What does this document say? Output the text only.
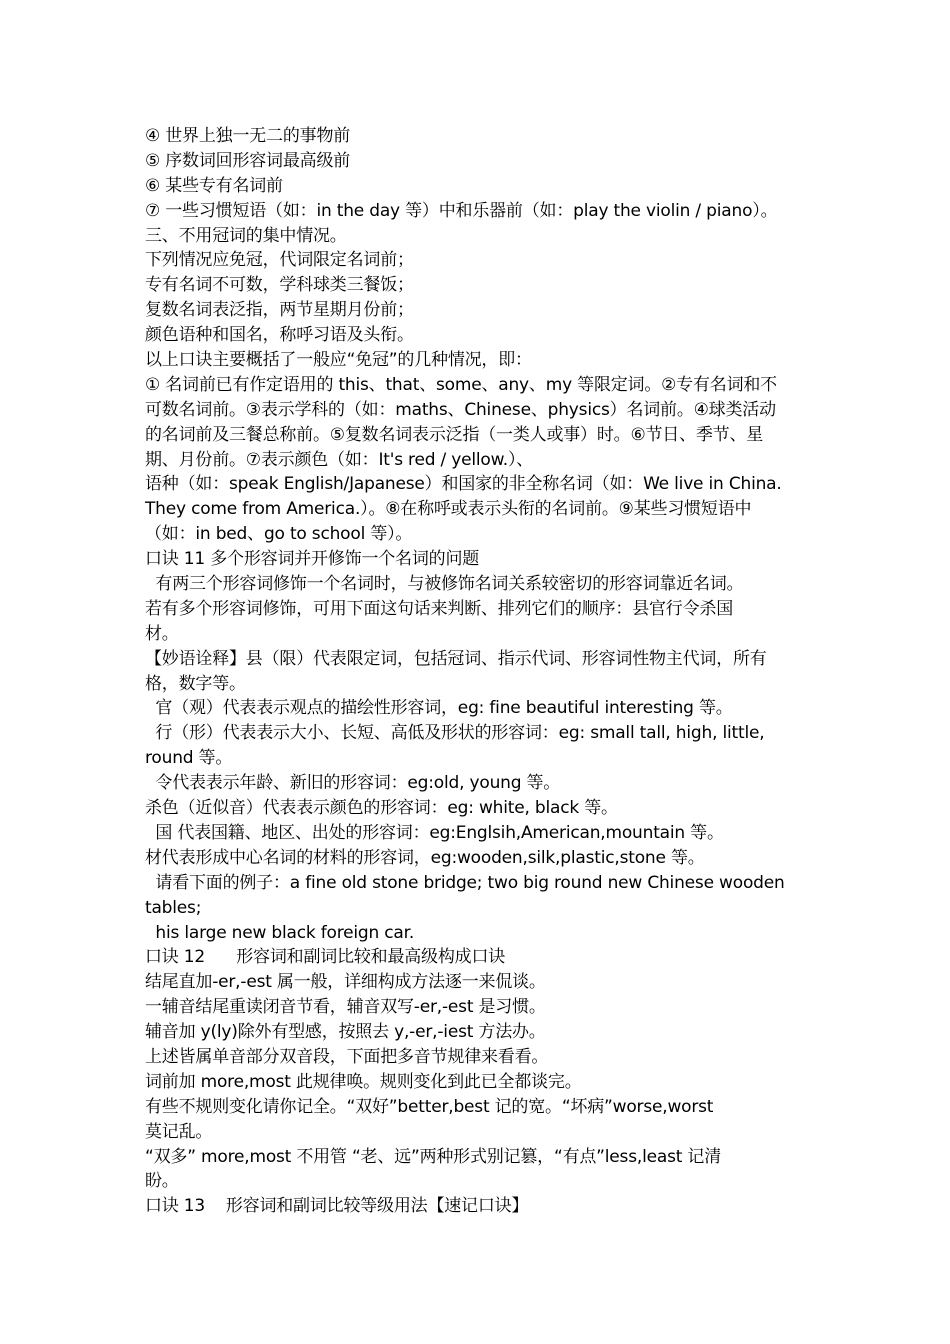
④ 世界上独一无二的事物前
⑤ 序数词回形容词最高级前
⑥ 某些专有名词前
⑦ 一些习惯短语（如：in the day 等）中和乐器前（如：play the violin / piano）。
三、不用冠词的集中情况。
下列情况应免冠，代词限定名词前；
专有名词不可数，学科球类三餐饭；
复数名词表泛指，两节星期月份前；
颜色语种和国名，称呼习语及头衔。
以上口诀主要概括了一般应“免冠”的几种情况，即：
① 名词前已有作定语用的 this、that、some、any、my 等限定词。②专有名词和不
可数名词前。③表示学科的（如：maths、Chinese、physics）名词前。④球类活动
的名词前及三餐总称前。⑤复数名词表示泛指（一类人或事）时。⑥节日、季节、星
期、月份前。⑦表示颜色（如：It's red / yellow.）、
语种（如：speak English/Japanese）和国家的非全称名词（如：We live in China.
They come from America.）。⑧在称呼或表示头衔的名词前。⑨某些习惯短语中
（如：in bed、go to school 等）。
口诀 11 多个形容词并开修饰一个名词的问题
有两三个形容词修饰一个名词时，与被修饰名词关系较密切的形容词靠近名词。
若有多个形容词修饰，可用下面这句话来判断、排列它们的顺序：县官行令杀国
材。
【妙语诠释】县（限）代表限定词，包括冠词、指示代词、形容词性物主代词，所有
格，数字等。
官（观）代表表示观点的描绘性形容词，eg: fine beautiful interesting 等。
行（形）代表表示大小、长短、高低及形状的形容词：eg: small tall, high, little,
round 等。
令代表表示年龄、新旧的形容词：eg:old, young 等。
杀色（近似音）代表表示颜色的形容词：eg: white, black 等。
国 代表国籍、地区、出处的形容词：eg:Englsih,American,mountain 等。
材代表形成中心名词的材料的形容词，eg:wooden,silk,plastic,stone 等。
请看下面的例子：a fine old stone bridge; two big round new Chinese wooden
tables;
his large new black foreign car.
口诀 12      形容词和副词比较和最高级构成口诀
结尾直加-er,-est 属一般，详细构成方法逐一来侃谈。
一辅音结尾重读闭音节看，辅音双写-er,-est 是习惯。
辅音加 y(ly)除外有型感，按照去 y,-er,-iest 方法办。
上述皆属单音部分双音段，下面把多音节规律来看看。
词前加 more,most 此规律唤。规则变化到此已全都谈完。
有些不规则变化请你记全。“双好”better,best 记的宽。“坏病”worse,worst
莫记乱。
“双多” more,most 不用管 “老、远”两种形式别记篡，“有点”less,least 记清
盼。
口诀 13    形容词和副词比较等级用法【速记口诀】
